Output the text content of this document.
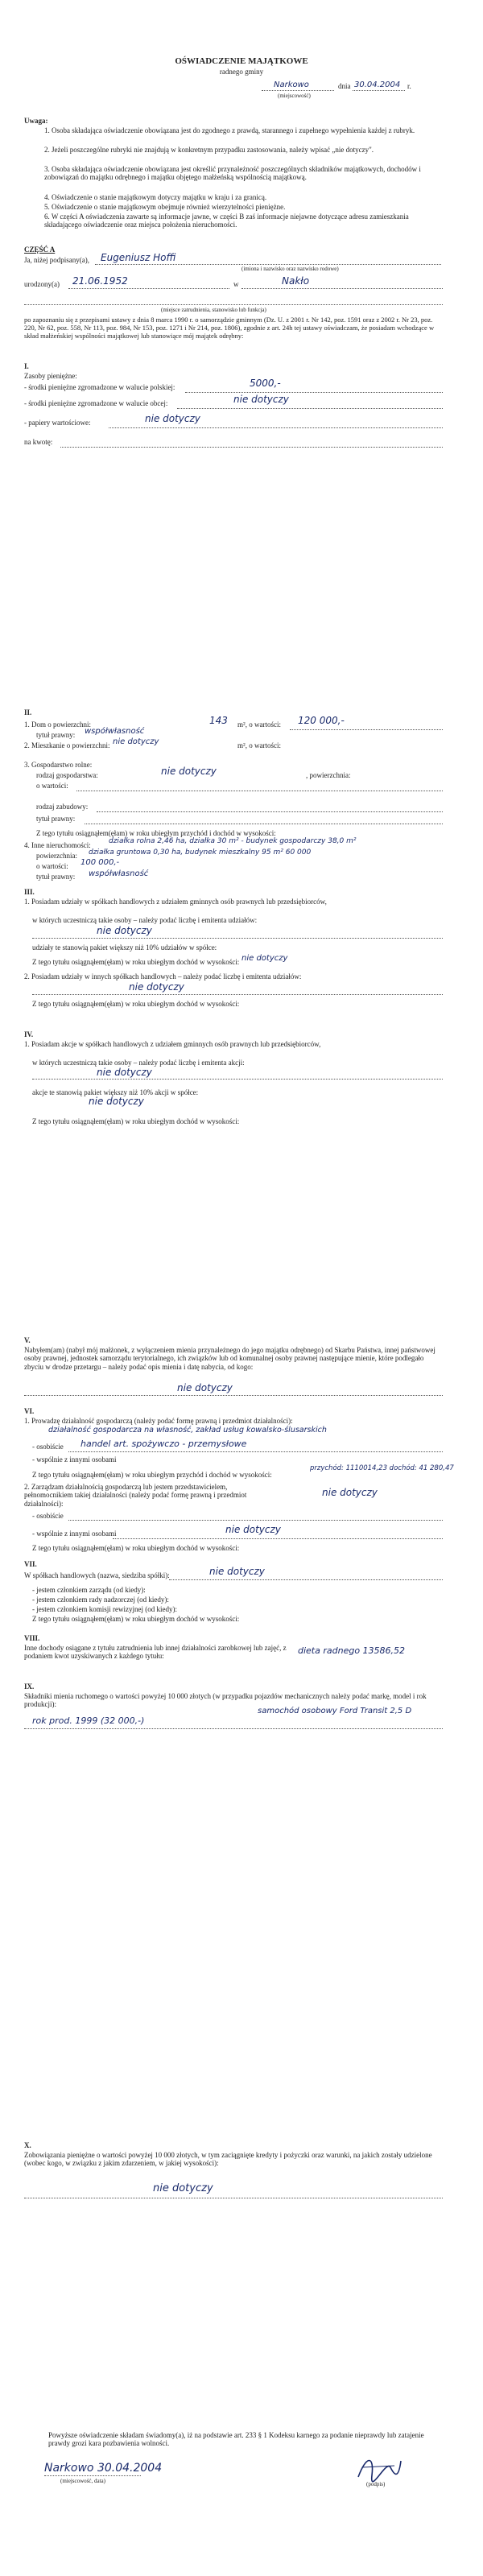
OŚWIADCZENIE MAJĄTKOWE
radnego gminy
Narkowo	dnia 30.04.2004 r.
(miejscowość)
Uwaga:
1. Osoba składająca oświadczenie obowiązana jest do zgodnego z prawdą, starannego i zupełnego wypełnienia każdej z rubryk.
2. Jeżeli poszczególne rubryki nie znajdują w konkretnym przypadku zastosowania, należy wpisać „nie dotyczy".
3. Osoba składająca oświadczenie obowiązana jest określić przynależność poszczególnych składników majątkowych, dochodów i zobowiązań do majątku odrębnego i majątku objętego małżeńską wspólnością majątkową.
4. Oświadczenie o stanie majątkowym dotyczy majątku w kraju i za granicą.
5. Oświadczenie o stanie majątkowym obejmuje również wierzytelności pieniężne.
6. W części A oświadczenia zawarte są informacje jawne, w części B zaś informacje niejawne dotyczące adresu zamieszkania składającego oświadczenie oraz miejsca położenia nieruchomości.
CZĘŚĆ A
Ja, niżej podpisany(a), Eugeniusz Hoffi
(imiona i nazwisko oraz nazwisko rodowe)
urodzony(a) 21.06.1952	w	Nakło
(miejsce zatrudnienia, stanowisko lub funkcja)
po zapoznaniu się z przepisami ustawy z dnia 8 marca 1990 r. o samorządzie gminnym (Dz. U. z 2001 r. Nr 142, poz. 1591 oraz z 2002 r. Nr 23, poz. 220, Nr 62, poz. 558, Nr 113, poz. 984, Nr 153, poz. 1271 i Nr 214, poz. 1806), zgodnie z art. 24h tej ustawy oświadczam, że posiadam wchodzące w skład małżeńskiej wspólności majątkowej lub stanowiące mój majątek odrębny:
I.
Zasoby pieniężne:
- środki pieniężne zgromadzone w walucie polskiej:	5000,-
- środki pieniężne zgromadzone w walucie obcej:	nie dotyczy
- papiery wartościowe:	nie dotyczy
na kwotę:
II.
1. Dom o powierzchni:	143 m², o wartości: 120 000,-
tytuł prawny: współwłasność
2. Mieszkanie o powierzchni: nie dotyczy	m², o wartości:
3. Gospodarstwo rolne:
rodzaj gospodarstwa:	nie dotyczy	, powierzchnia:
o wartości:
rodzaj zabudowy:
tytuł prawny:
Z tego tytułu osiągnąłem(ęłam) w roku ubiegłym przychód i dochód w wysokości:
4. Inne nieruchomości: działka rolna 2,46 ha, działka 30 m² - budynek gospodarczy 38,0 m²
powierzchnia: działka gruntowa 0,30 ha, budynek mieszkalny 95 m² 60 000
o wartości: 100 000,-
tytuł prawny: współwłasność
III.
1. Posiadam udziały w spółkach handlowych z udziałem gminnych osób prawnych lub przedsiębiorców,
w których uczestniczą takie osoby – należy podać liczbę i emitenta udziałów:
nie dotyczy
udziały te stanowią pakiet większy niż 10% udziałów w spółce:
Z tego tytułu osiągnąłem(ęłam) w roku ubiegłym dochód w wysokości: nie dotyczy
2. Posiadam udziały w innych spółkach handlowych – należy podać liczbę i emitenta udziałów:
nie dotyczy
Z tego tytułu osiągnąłem(ęłam) w roku ubiegłym dochód w wysokości:
IV.
1. Posiadam akcje w spółkach handlowych z udziałem gminnych osób prawnych lub przedsiębiorców,
w których uczestniczą takie osoby – należy podać liczbę i emitenta akcji:
nie dotyczy
akcje te stanowią pakiet większy niż 10% akcji w spółce:
nie dotyczy
Z tego tytułu osiągnąłem(ęłam) w roku ubiegłym dochód w wysokości:
V.
Nabyłem(am) (nabył mój małżonek, z wyłączeniem mienia przynależnego do jego majątku odrębnego) od Skarbu Państwa, innej państwowej osoby prawnej, jednostek samorządu terytorialnego, ich związków lub od komunalnej osoby prawnej następujące mienie, które podlegało zbyciu w drodze przetargu – należy podać opis mienia i datę nabycia, od kogo:
nie dotyczy
VI.
1. Prowadzę działalność gospodarczą (należy podać formę prawną i przedmiot działalności):
działalność gospodarcza na własność, zakład usług kowalsko-ślusarskich
- osobiście handel art. spożywczo - przemysłowe
- wspólnie z innymi osobami
Z tego tytułu osiągnąłem(ęłam) w roku ubiegłym przychód i dochód w wysokości:
przychód: 1110014,23 dochód: 41 280,47
2. Zarządzam działalnością gospodarczą lub jestem przedstawicielem, pełnomocnikiem takiej działalności (należy podać formę prawną i przedmiot działalności):
nie dotyczy
- osobiście
- wspólnie z innymi osobami	nie dotyczy
Z tego tytułu osiągnąłem(ęłam) w roku ubiegłym dochód w wysokości:
VII.
W spółkach handlowych (nazwa, siedziba spółki):	nie dotyczy
- jestem członkiem zarządu (od kiedy):
- jestem członkiem rady nadzorczej (od kiedy):
- jestem członkiem komisji rewizyjnej (od kiedy):
Z tego tytułu osiągnąłem(ęłam) w roku ubiegłym dochód w wysokości:
VIII.
Inne dochody osiągane z tytułu zatrudnienia lub innej działalności zarobkowej lub zajęć, z podaniem kwot uzyskiwanych z każdego tytułu:
dieta radnego 13586,52
IX.
Składniki mienia ruchomego o wartości powyżej 10 000 złotych (w przypadku pojazdów mechanicznych należy podać markę, model i rok produkcji):
samochód osobowy Ford Transit 2,5 D
rok prod. 1999 (32 000,-)
X.
Zobowiązania pieniężne o wartości powyżej 10 000 złotych, w tym zaciągnięte kredyty i pożyczki oraz warunki, na jakich zostały udzielone (wobec kogo, w związku z jakim zdarzeniem, w jakiej wysokości):
nie dotyczy
Powyższe oświadczenie składam świadomy(a), iż na podstawie art. 233 § 1 Kodeksu karnego za podanie nieprawdy lub zatajenie prawdy grozi kara pozbawienia wolności.
Narkowo 30.04.2004
(miejscowość, data)	(podpis)
